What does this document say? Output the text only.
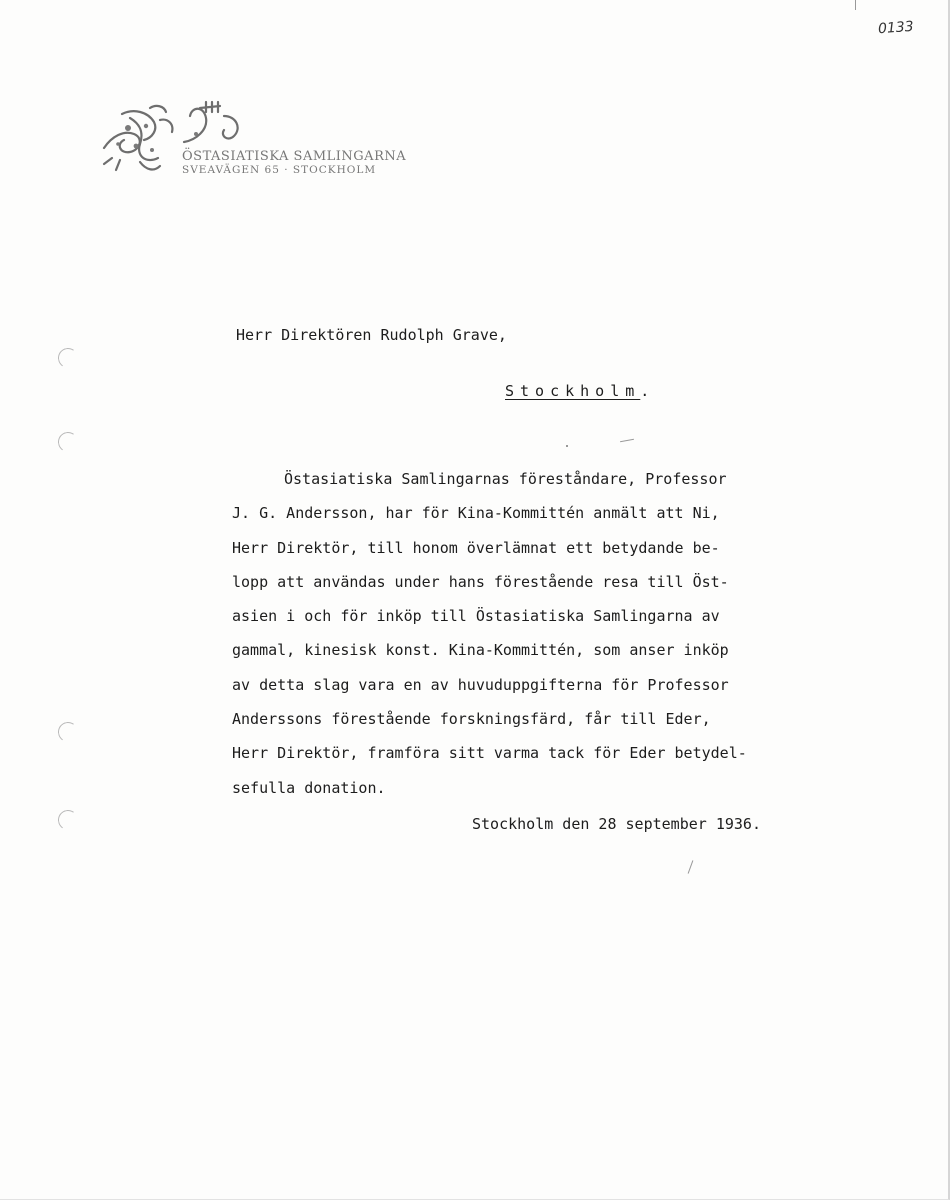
0133
ÖSTASIATISKA SAMLINGARNA
SVEAVÄGEN 65 · STOCKHOLM
Herr Direktören Rudolph Grave,
Stockholm.
Östasiatiska Samlingarnas föreståndare, Professor
J. G. Andersson, har för Kina-Kommittén anmält att Ni,
Herr Direktör, till honom överlämnat ett betydande be-
lopp att användas under hans förestående resa till Öst-
asien i och för inköp till Östasiatiska Samlingarna av
gammal, kinesisk konst. Kina-Kommittén, som anser inköp
av detta slag vara en av huvuduppgifterna för Professor
Anderssons förestående forskningsfärd, får till Eder,
Herr Direktör, framföra sitt varma tack för Eder betydel-
sefulla donation.
Stockholm den 28 september 1936.
